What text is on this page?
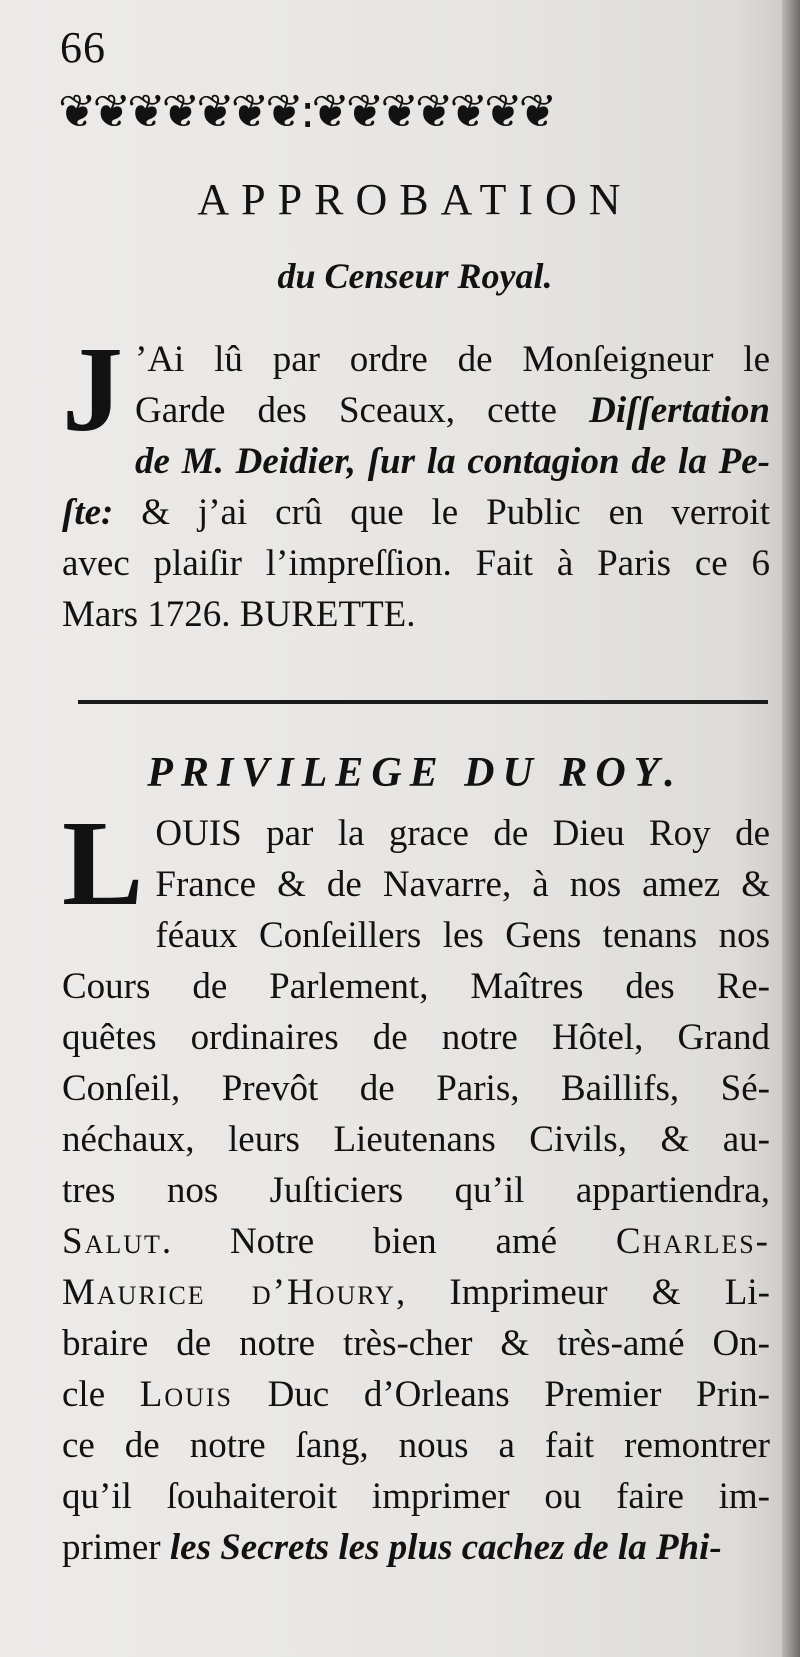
66
❦❦❦❦❦❦❦:❦❦❦❦❦❦❦
APPROBATION
du Censeur Royal.
J ’Ai lû par ordre de Monſeigneur le
Garde des Sceaux, cette Diſſertation
de M. Deidier, ſur la contagion de la Pe-
ſte: & j’ai crû que le Public en verroit
avec plaiſir l’impreſſion. Fait à Paris ce 6
Mars 1726. BURETTE.
PRIVILEGE DU ROY.
L OUIS par la grace de Dieu Roy de
France & de Navarre, à nos amez &
féaux Conſeillers les Gens tenans nos
Cours de Parlement, Maîtres des Re-
quêtes ordinaires de notre Hôtel, Grand
Conſeil, Prevôt de Paris, Baillifs, Sé-
néchaux, leurs Lieutenans Civils, & au-
tres nos Juſticiers qu’il appartiendra,
Salut. Notre bien amé Charles-
Maurice d’Houry, Imprimeur & Li-
braire de notre très-cher & très-amé On-
cle Louis Duc d’Orleans Premier Prin-
ce de notre ſang, nous a fait remontrer
qu’il ſouhaiteroit imprimer ou faire im-
primer les Secrets les plus cachez de la Phi-
